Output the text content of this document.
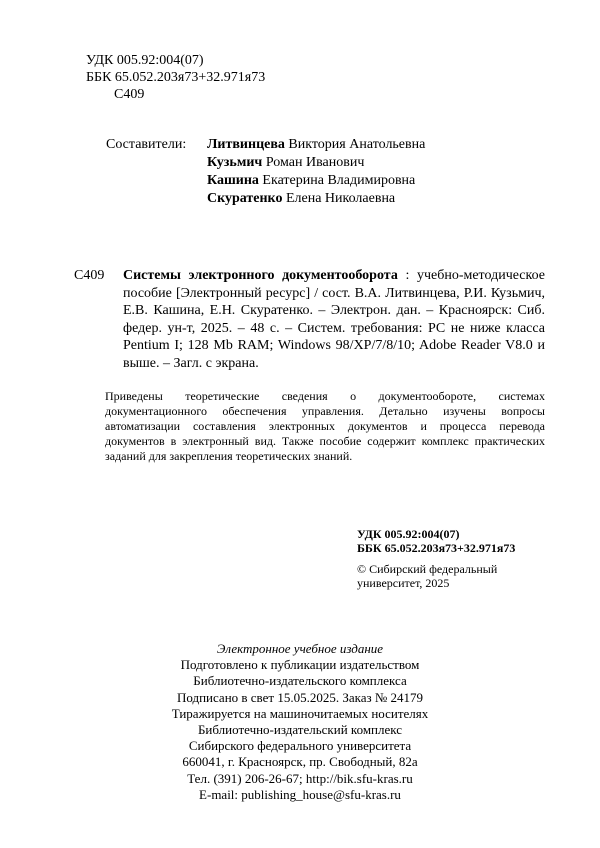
УДК 005.92:004(07)
ББК 65.052.203я73+32.971я73
С409
Составители: Литвинцева Виктория Анатольевна
Кузьмич Роман Иванович
Кашина Екатерина Владимировна
Скуратенко Елена Николаевна
С409 Системы электронного документооборота : учебно-методическое пособие [Электронный ресурс] / сост. В.А. Литвинцева, Р.И. Кузьмич, Е.В. Кашина, Е.Н. Скуратенко. – Электрон. дан. – Красноярск: Сиб. федер. ун-т, 2025. – 48 с. – Систем. требования: PC не ниже класса Pentium I; 128 Mb RAM; Windows 98/XP/7/8/10; Adobe Reader V8.0 и выше. – Загл. с экрана.
Приведены теоретические сведения о документообороте, системах документационного обеспечения управления. Детально изучены вопросы автоматизации составления электронных документов и процесса перевода документов в электронный вид. Также пособие содержит комплекс практических заданий для закрепления теоретических знаний.
УДК 005.92:004(07)
ББК 65.052.203я73+32.971я73
© Сибирский федеральный
университет, 2025
Электронное учебное издание
Подготовлено к публикации издательством
Библиотечно-издательского комплекса
Подписано в свет 15.05.2025. Заказ № 24179
Тиражируется на машиночитаемых носителях
Библиотечно-издательский комплекс
Сибирского федерального университета
660041, г. Красноярск, пр. Свободный, 82а
Тел. (391) 206-26-67; http://bik.sfu-kras.ru
E-mail: publishing_house@sfu-kras.ru
